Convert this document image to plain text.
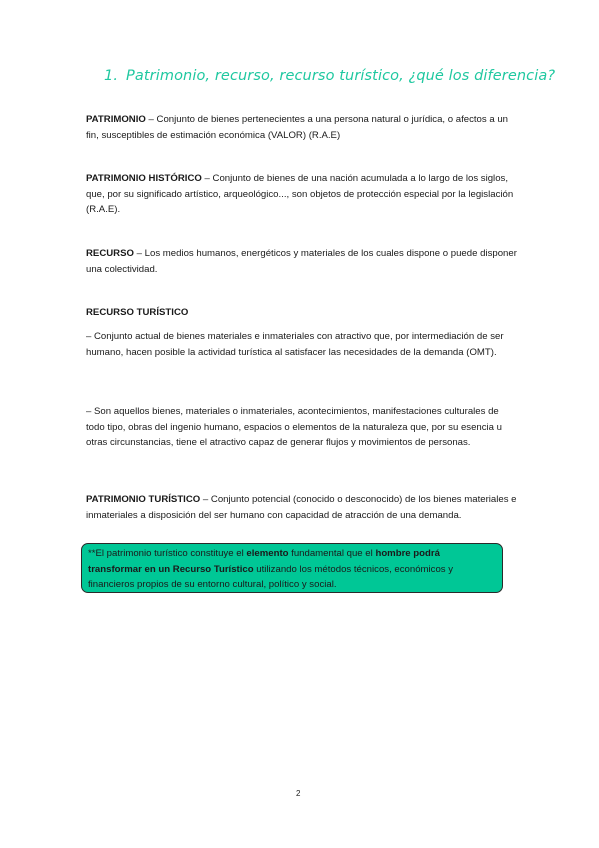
1. Patrimonio, recurso, recurso turístico, ¿qué los diferencia?
PATRIMONIO – Conjunto de bienes pertenecientes a una persona natural o jurídica, o afectos a un fin, susceptibles de estimación económica (VALOR) (R.A.E)
PATRIMONIO HISTÓRICO – Conjunto de bienes de una nación acumulada a lo largo de los siglos, que, por su significado artístico, arqueológico..., son objetos de protección especial por la legislación (R.A.E).
RECURSO – Los medios humanos, energéticos y materiales de los cuales dispone o puede disponer una colectividad.
RECURSO TURÍSTICO
– Conjunto actual de bienes materiales e inmateriales con atractivo que, por intermediación de ser humano, hacen posible la actividad turística al satisfacer las necesidades de la demanda (OMT).
– Son aquellos bienes, materiales o inmateriales, acontecimientos, manifestaciones culturales de todo tipo, obras del ingenio humano, espacios o elementos de la naturaleza que, por su esencia u otras circunstancias, tiene el atractivo capaz de generar flujos y movimientos de personas.
PATRIMONIO TURÍSTICO – Conjunto potencial (conocido o desconocido) de los bienes materiales e inmateriales a disposición del ser humano con capacidad de atracción de una demanda.
**El patrimonio turístico constituye el elemento fundamental que el hombre podrá transformar en un Recurso Turístico utilizando los métodos técnicos, económicos y financieros propios de su entorno cultural, político y social.
2
